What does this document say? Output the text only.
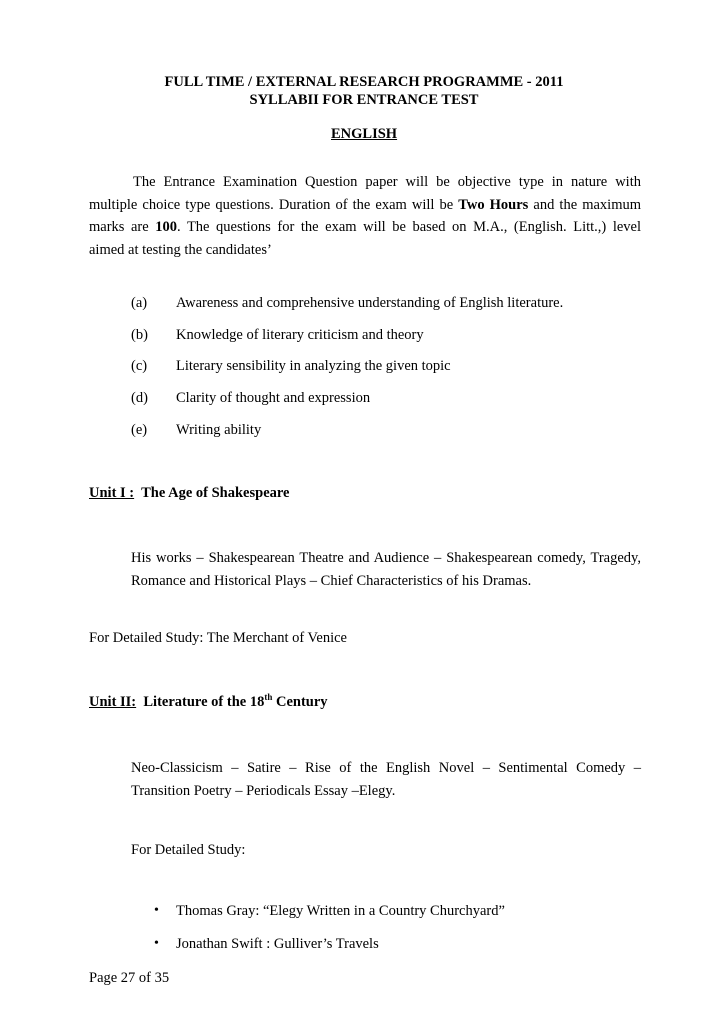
FULL TIME / EXTERNAL RESEARCH PROGRAMME - 2011
SYLLABII FOR ENTRANCE TEST
ENGLISH
The Entrance Examination Question paper will be objective type in nature with
multiple choice type questions. Duration of the exam will be Two Hours and the maximum
marks are 100. The questions for the exam will be based on M.A., (English. Litt.,) level
aimed at testing the candidates’
(a) Awareness and comprehensive understanding of English literature.
(b) Knowledge of literary criticism and theory
(c) Literary sensibility in analyzing the given topic
(d) Clarity of thought and expression
(e) Writing ability
Unit I : The Age of Shakespeare
His works – Shakespearean Theatre and Audience – Shakespearean comedy, Tragedy,
Romance and Historical Plays – Chief Characteristics of his Dramas.
For Detailed Study: The Merchant of Venice
Unit II: Literature of the 18th Century
Neo-Classicism – Satire – Rise of the English Novel – Sentimental Comedy –
Transition Poetry – Periodicals Essay –Elegy.
For Detailed Study:
• Thomas Gray: “Elegy Written in a Country Churchyard”
• Jonathan Swift : Gulliver’s Travels
Page 27 of 35
